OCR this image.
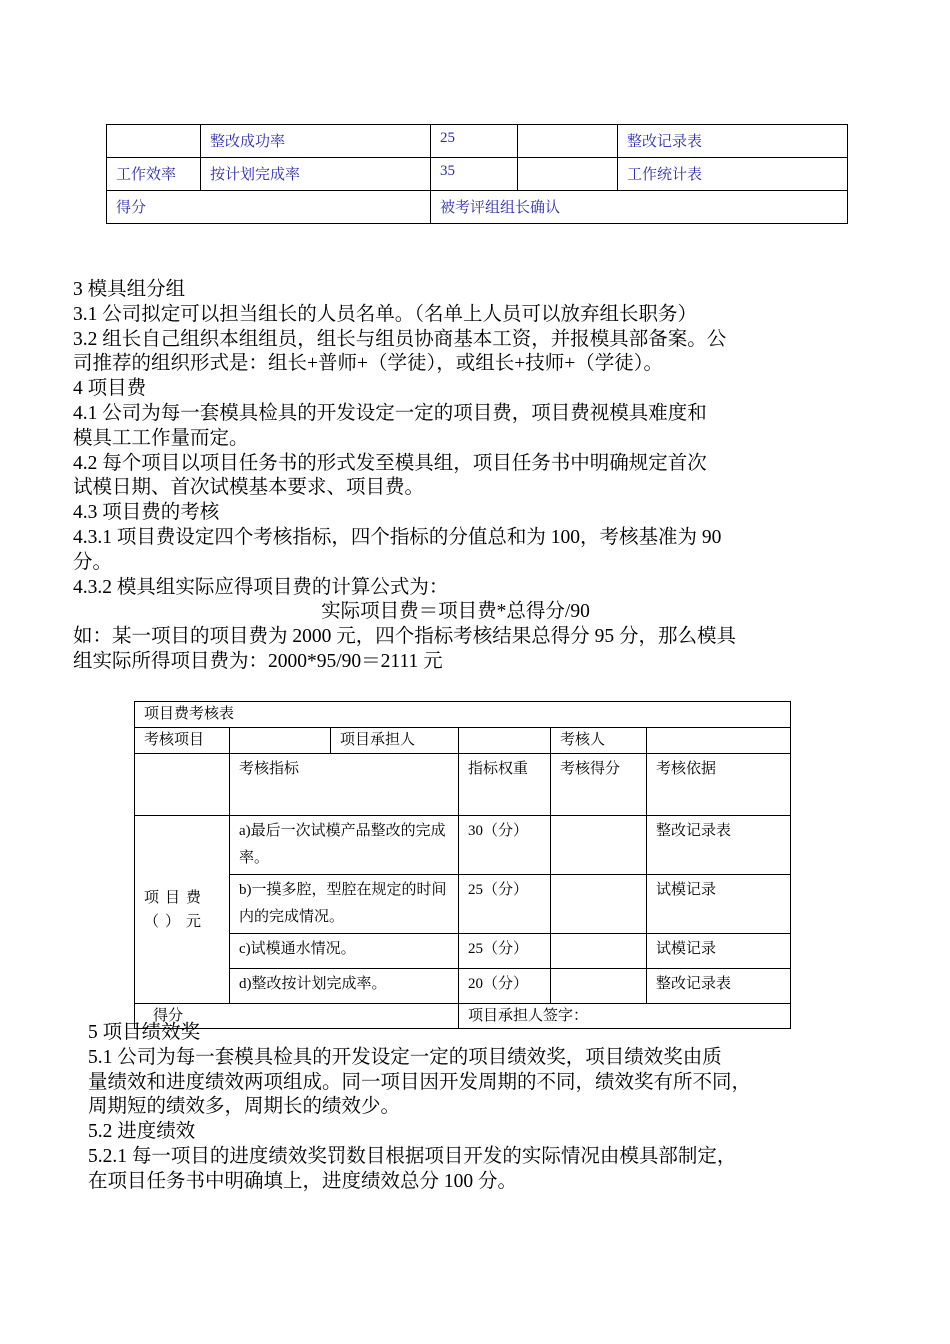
	整改成功率	25		整改记录表
工作效率	按计划完成率	35		工作统计表
得分		被考评组组长确认		

3 模具组分组

3.1 公司拟定可以担当组长的人员名单。（名单上人员可以放弃组长职务）

3.2 组长自己组织本组组员，组长与组员协商基本工资，并报模具部备案。公

司推荐的组织形式是：组长+普师+（学徒），或组长+技师+（学徒）。

4 项目费

4.1 公司为每一套模具检具的开发设定一定的项目费，项目费视模具难度和

模具工工作量而定。

4.2 每个项目以项目任务书的形式发至模具组，项目任务书中明确规定首次

试模日期、首次试模基本要求、项目费。

4.3 项目费的考核

4.3.1 项目费设定四个考核指标，四个指标的分值总和为 100，考核基准为 90

分。

4.3.2 模具组实际应得项目费的计算公式为：

实际项目费＝项目费*总得分/90

如：某一项目的项目费为 2000 元，四个指标考核结果总得分 95 分，那么模具

组实际所得项目费为：2000*95/90＝2111 元

项目费考核表					
考核项目		项目承担人		考核人	
	考核指标		指标权重	考核得分	考核依据
项目费（）元	a)最后一次试模产品整改的完成率。		30（分）		整改记录表
	b)一摸多腔，型腔在规定的时间内的完成情况。		25（分）		试模记录
	c)试模通水情况。		25（分）		试模记录
	d)整改按计划完成率。		20（分）		整改记录表
得分			项目承担人签字：		

5 项目绩效奖

5.1 公司为每一套模具检具的开发设定一定的项目绩效奖，项目绩效奖由质

量绩效和进度绩效两项组成。同一项目因开发周期的不同，绩效奖有所不同，

周期短的绩效多，周期长的绩效少。

5.2 进度绩效

5.2.1 每一项目的进度绩效奖罚数目根据项目开发的实际情况由模具部制定，

在项目任务书中明确填上，进度绩效总分 100 分。
